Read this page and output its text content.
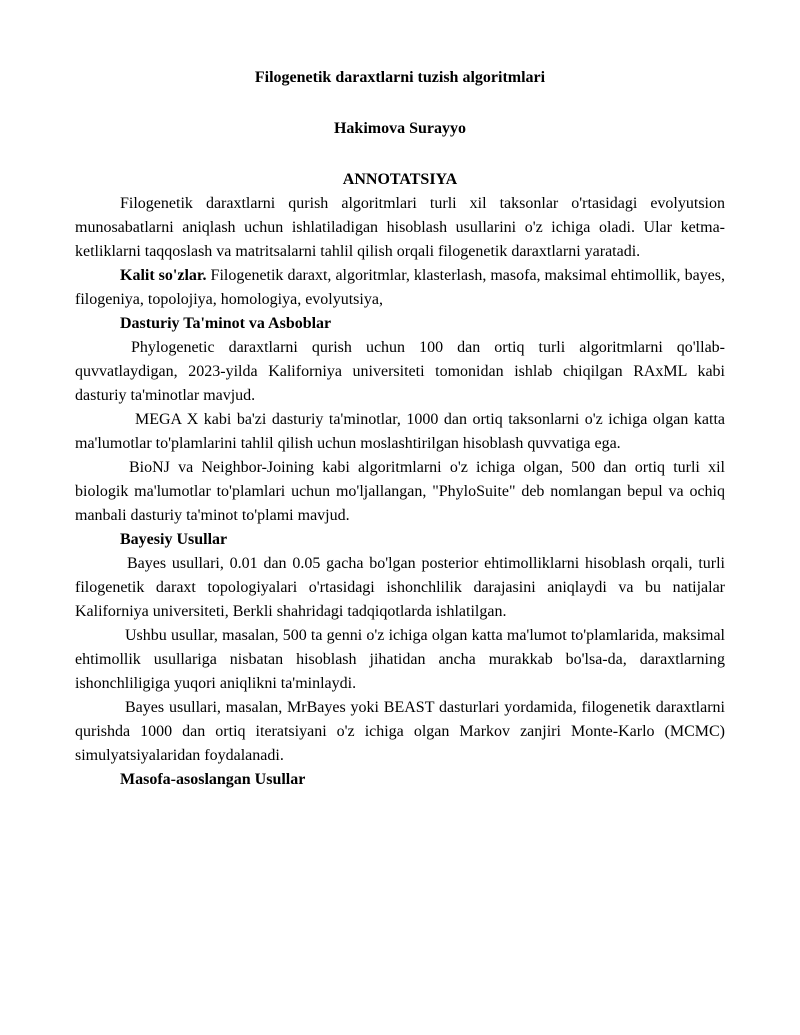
Filogenetik daraxtlarni tuzish algoritmlari

Hakimova Surayyo

ANNOTATSIYA

Filogenetik daraxtlarni qurish algoritmlari turli xil taksonlar o'rtasidagi evolyutsion munosabatlarni aniqlash uchun ishlatiladigan hisoblash usullarini o'z ichiga oladi. Ular ketma-ketliklarni taqqoslash va matritsalarni tahlil qilish orqali filogenetik daraxtlarni yaratadi.

Kalit so'zlar. Filogenetik daraxt, algoritmlar, klasterlash, masofa, maksimal ehtimollik, bayes, filogeniya, topolojiya, homologiya, evolyutsiya,

Dasturiy Ta'minot va Asboblar

Phylogenetic daraxtlarni qurish uchun 100 dan ortiq turli algoritmlarni qo'llab-quvvatlaydigan, 2023-yilda Kaliforniya universiteti tomonidan ishlab chiqilgan RAxML kabi dasturiy ta'minotlar mavjud.

MEGA X kabi ba'zi dasturiy ta'minotlar, 1000 dan ortiq taksonlarni o'z ichiga olgan katta ma'lumotlar to'plamlarini tahlil qilish uchun moslashtirilgan hisoblash quvvatiga ega.

BioNJ va Neighbor-Joining kabi algoritmlarni o'z ichiga olgan, 500 dan ortiq turli xil biologik ma'lumotlar to'plamlari uchun mo'ljallangan, "PhyloSuite" deb nomlangan bepul va ochiq manbali dasturiy ta'minot to'plami mavjud.

Bayesiy Usullar

Bayes usullari, 0.01 dan 0.05 gacha bo'lgan posterior ehtimolliklarni hisoblash orqali, turli filogenetik daraxt topologiyalari o'rtasidagi ishonchlilik darajasini aniqlaydi va bu natijalar Kaliforniya universiteti, Berkli shahridagi tadqiqotlarda ishlatilgan.

Ushbu usullar, masalan, 500 ta genni o'z ichiga olgan katta ma'lumot to'plamlarida, maksimal ehtimollik usullariga nisbatan hisoblash jihatidan ancha murakkab bo'lsa-da, daraxtlarning ishonchliligiga yuqori aniqlikni ta'minlaydi.

Bayes usullari, masalan, MrBayes yoki BEAST dasturlari yordamida, filogenetik daraxtlarni qurishda 1000 dan ortiq iteratsiyani o'z ichiga olgan Markov zanjiri Monte-Karlo (MCMC) simulyatsiyalaridan foydalanadi.

Masofa-asoslangan Usullar
